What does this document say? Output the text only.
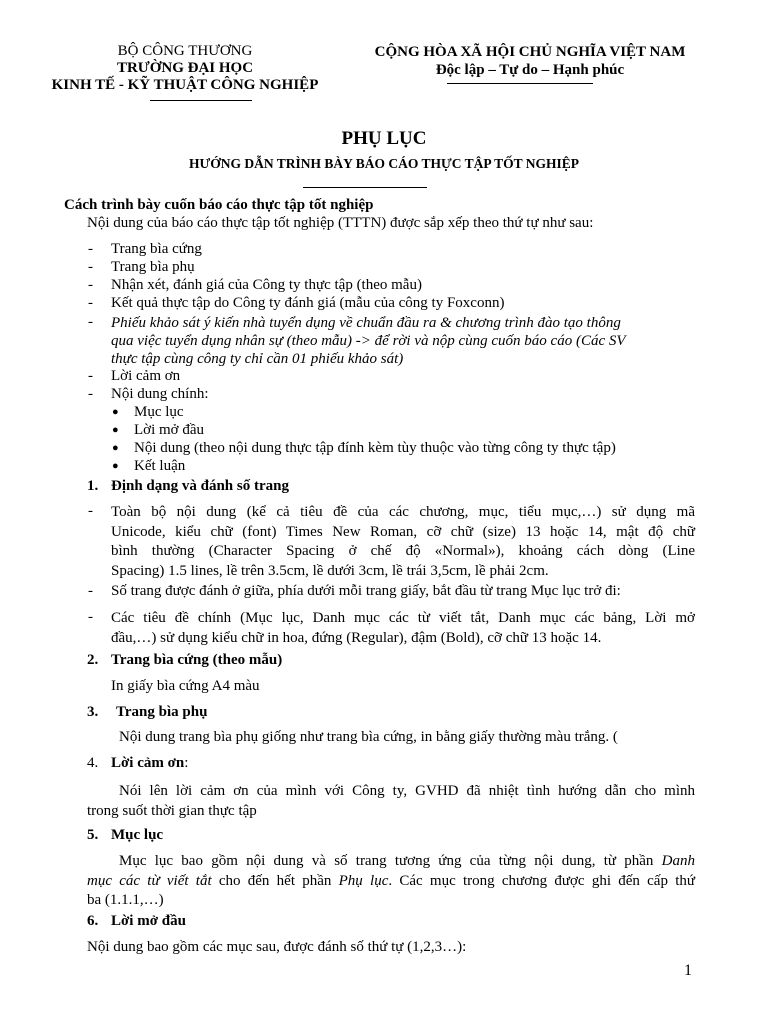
BỘ CÔNG THƯƠNG
TRƯỜNG ĐẠI HỌC
KINH TẾ - KỸ THUẬT CÔNG NGHIỆP
CỘNG HÒA XÃ HỘI CHỦ NGHĨA VIỆT NAM
Độc lập – Tự do – Hạnh phúc
PHỤ LỤC
HƯỚNG DẪN TRÌNH BÀY BÁO CÁO THỰC TẬP TỐT NGHIỆP
Cách trình bày cuốn báo cáo thực tập tốt nghiệp
Nội dung của báo cáo thực tập tốt nghiệp (TTTN) được sắp xếp theo thứ tự như sau:
- Trang bìa cứng
- Trang bìa phụ
- Nhận xét, đánh giá của Công ty thực tập (theo mẫu)
- Kết quả thực tập do Công ty đánh giá (mẫu của công ty Foxconn)
- Phiếu khảo sát ý kiến nhà tuyển dụng về chuẩn đầu ra & chương trình đào tạo thông
qua việc tuyển dụng nhân sự (theo mẫu) -> để rời và nộp cùng cuốn báo cáo (Các SV
thực tập cùng công ty chỉ cần 01 phiếu khảo sát)
- Lời cảm ơn
- Nội dung chính:
● Mục lục
● Lời mở đầu
● Nội dung (theo nội dung thực tập đính kèm tùy thuộc vào từng công ty thực tập)
● Kết luận
1. Định dạng và đánh số trang
- Toàn bộ nội dung (kể cả tiêu đề của các chương, mục, tiểu mục,…) sử dụng mã
Unicode, kiểu chữ (font) Times New Roman, cỡ chữ (size) 13 hoặc 14, mật độ chữ
bình thường (Character Spacing ở chế độ «Normal»), khoảng cách dòng (Line
Spacing) 1.5 lines, lề trên 3.5cm, lề dưới 3cm, lề trái 3,5cm, lề phải 2cm.
- Số trang được đánh ở giữa, phía dưới mỗi trang giấy, bắt đầu từ trang Mục lục trở đi:
- Các tiêu đề chính (Mục lục, Danh mục các từ viết tắt, Danh mục các bảng, Lời mở
đầu,…) sử dụng kiểu chữ in hoa, đứng (Regular), đậm (Bold), cỡ chữ 13 hoặc 14.
2. Trang bìa cứng (theo mẫu)
In giấy bìa cứng A4 màu
3. Trang bìa phụ
Nội dung trang bìa phụ giống như trang bìa cứng, in bằng giấy thường màu trắng. (
4. Lời cảm ơn:
Nói lên lời cảm ơn của mình với Công ty, GVHD đã nhiệt tình hướng dẫn cho mình
trong suốt thời gian thực tập
5. Mục lục
Mục lục bao gồm nội dung và số trang tương ứng của từng nội dung, từ phần Danh
mục các từ viết tắt cho đến hết phần Phụ lục. Các mục trong chương được ghi đến cấp thứ
ba (1.1.1,…)
6. Lời mở đầu
Nội dung bao gồm các mục sau, được đánh số thứ tự (1,2,3…):
1
